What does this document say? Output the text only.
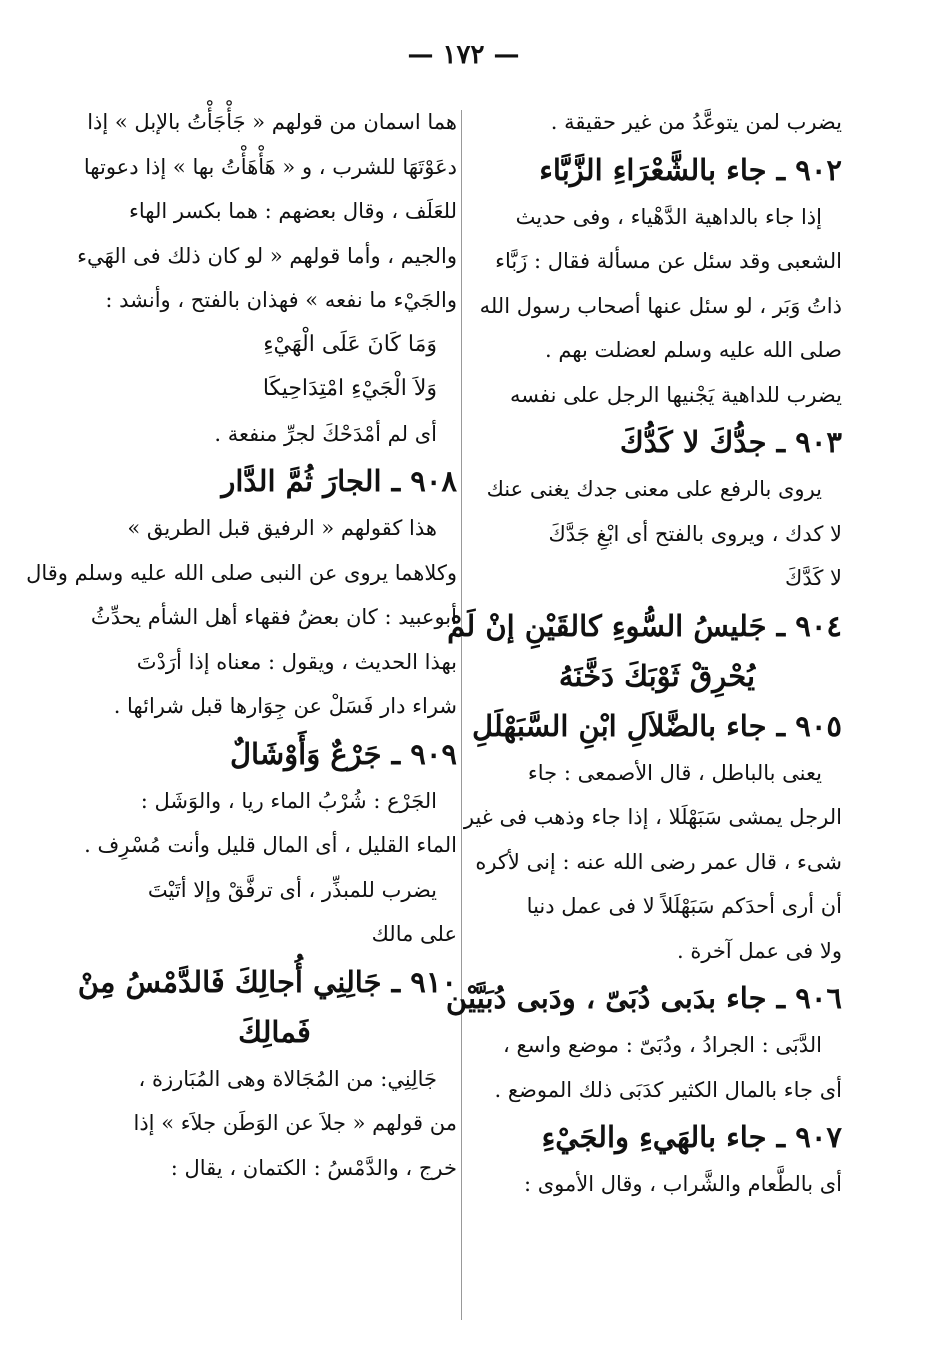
— ١٧٢ —
يضرب لمن يتوعَّدُ من غير حقيقة .
٩٠٢ ـ جاء بالشَّعْرَاءِ الزَّبَّاء
إذا جاء بالداهية الدَّهْياء ، وفى حديث
الشعبى وقد سئل عن مسألة فقال : زَبَّاء
ذاتُ وَبَر ، لو سئل عنها أصحاب رسول الله
صلى الله عليه وسلم لعضلت بهم .
يضرب للداهية يَجْنيها الرجل على نفسه
٩٠٣ ـ جدُّكَ لا كَدُّكَ
يروى بالرفع على معنى جدك يغنى عنك
لا كدك ، ويروى بالفتح أى ابْغِ جَدَّكَ
لا كَدَّكَ
٩٠٤ ـ جَليسُ السُّوءِ كالقَيْنِ إنْ لَمْ
يُحْرِقْ ثَوْبَكَ دَخَّنَهُ
٩٠٥ ـ جاء بالضَّلاَلِ ابْنِ السَّبَهْلَلِ
يعنى بالباطل ، قال الأصمعى : جاء
الرجل يمشى سَبَهْلَلا ، إذا جاء وذهب فى غير
شىء ، قال عمر رضى الله عنه : إنى لأكره
أن أرى أحدَكم سَبَهْلَلاً لا فى عمل دنيا
ولا فى عمل آخرة .
٩٠٦ ـ جاء بدَبى دُبَىّ ، ودَبى دُبَيَّيْن
الدَّبَى : الجرادُ ، ودُبَىّ : موضع واسع ،
أى جاء بالمال الكثير كدَبَى ذلك الموضع .
٩٠٧ ـ جاء بالهَيءِ والجَيْءِ
أى بالطَّعام والشَّراب ، وقال الأموى :
هما اسمان من قولهم « جَأْجَأْتُ بالإبل » إذا
دعَوْتَهَا للشرب ، و « هَأْهَأْتُ بها » إذا دعوتها
للعَلَف ، وقال بعضهم : هما بكسر الهاء
والجيم ، وأما قولهم « لو كان ذلك فى الهَيء
والجَيْء ما نفعه » فهذان بالفتح ، وأنشد :
وَمَا كَانَ عَلَى الْهَيْءِ
وَلاَ الْجَيْءِ امْتِدَاحِيكَا
أى لم أمْدَحْكَ لجرِّ منفعة .
٩٠٨ ـ الجارَ ثُمَّ الدَّار
هذا كقولهم « الرفيق قبل الطريق »
وكلاهما يروى عن النبى صلى الله عليه وسلم وقال
أبوعبيد : كان بعضُ فقهاء أهل الشأم يحدِّثُ
بهذا الحديث ، ويقول : معناه إذا أرَدْتَ
شراء دار فَسَلْ عن جِوَارها قبل شرائها .
٩٠٩ ـ جَرْعٌ وَأَوْشَالٌ
الجَرْع : شُرْبُ الماء ريا ، والوَشَل :
الماء القليل ، أى المال قليل وأنت مُسْرِف .
يضرب للمبذِّر ، أى ترفَّقْ وإلا أتَيْتَ
على مالك
٩١٠ ـ جَالِنِي أُجالِكَ فَالدَّمْسُ مِنْ
فَمالِكَ
جَالِنِي: من المُجَالاة وهى المُبَارزة ،
من قولهم « جلاَ عن الوَطَن جلاَء » إذا
خرج ، والدَّمْسُ : الكتمان ، يقال :
